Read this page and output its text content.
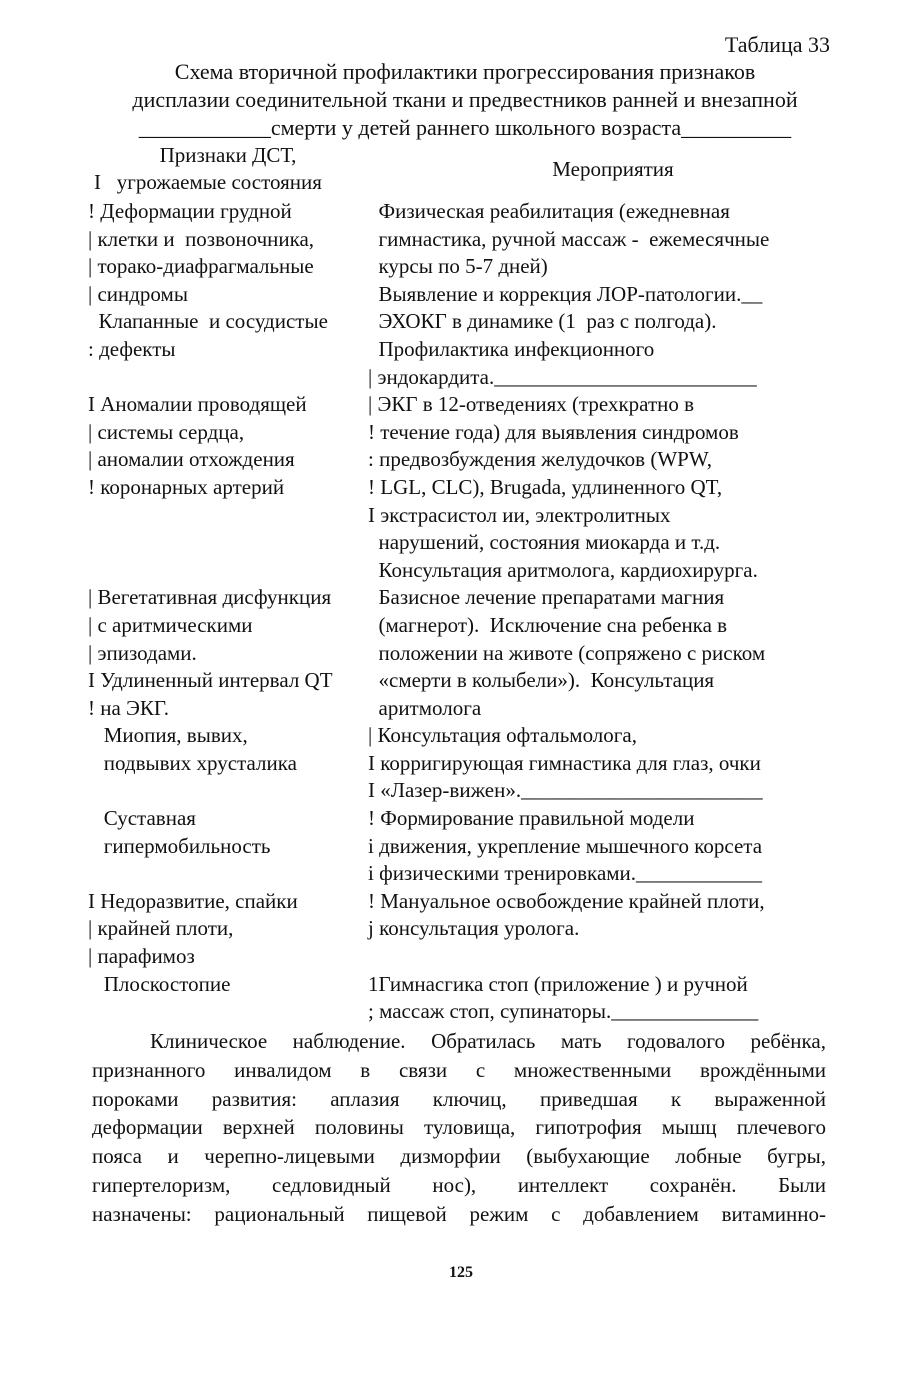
Таблица 33
Схема вторичной профилактики прогрессирования признаков
дисплазии соединительной ткани и предвестников ранней и внезапной
____________смерти у детей раннего школьного возраста__________
Признаки ДСТ,
I   угрожаемые состояния
Мероприятия
! Деформации грудной
| клетки и  позвоночника,
| торако-диафрагмальные
| синдромы
Клапанные  и сосудистые
: дефекты
Физическая реабилитация (ежедневная
гимнастика, ручной массаж -  ежемесячные
курсы по 5-7 дней)
Выявление и коррекция ЛОР-патологии.__
ЭХОКГ в динамике (1  раз с полгода).
Профилактика инфекционного
| эндокардита._________________________
I Аномалии проводящей
| системы сердца,
| аномалии отхождения
! коронарных артерий
| ЭКГ в 12-отведениях (трехкратно в
! течение года) для выявления синдромов
: предвозбуждения желудочков (WPW,
! LGL, CLC), Brugada, удлиненного QT,
I экстрасистол ии, электролитных
нарушений, состояния миокарда и т.д.
Консультация аритмолога, кардиохирурга.
| Вегетативная дисфункция
| с аритмическими
| эпизодами.
I Удлиненный интервал QT
! на ЭКГ.
Базисное лечение препаратами магния
(магнерот).  Исключение сна ребенка в
положении на животе (сопряжено с риском
«смерти в колыбели»).  Консультация
аритмолога
Миопия, вывих,
подвывих хрусталика
| Консультация офтальмолога,
I корригирующая гимнастика для глаз, очки
I «Лазер-вижен»._______________________
Суставная
гипермобильность
! Формирование правильной модели
і движения, укрепление мышечного корсета
і физическими тренировками.____________
I Недоразвитие, спайки
| крайней плоти,
| парафимоз
! Мануальное освобождение крайней плоти,
j консультация уролога.
Плоскостопие	1Гимнасгика стоп (приложение ) и ручной
; массаж стоп, супинаторы.______________
Клиническое наблюдение. Обратилась мать годовалого ребёнка,
признанного инвалидом в связи с множественными врождёнными
пороками развития: аплазия ключиц, приведшая к выраженной
деформации верхней половины туловища, гипотрофия мышц плечевого
пояса и черепно-лицевыми дизморфии (выбухающие лобные бугры,
гипертелоризм, седловидный нос), интеллект сохранён. Были
назначены: рациональный пищевой режим с добавлением витаминно-
125
